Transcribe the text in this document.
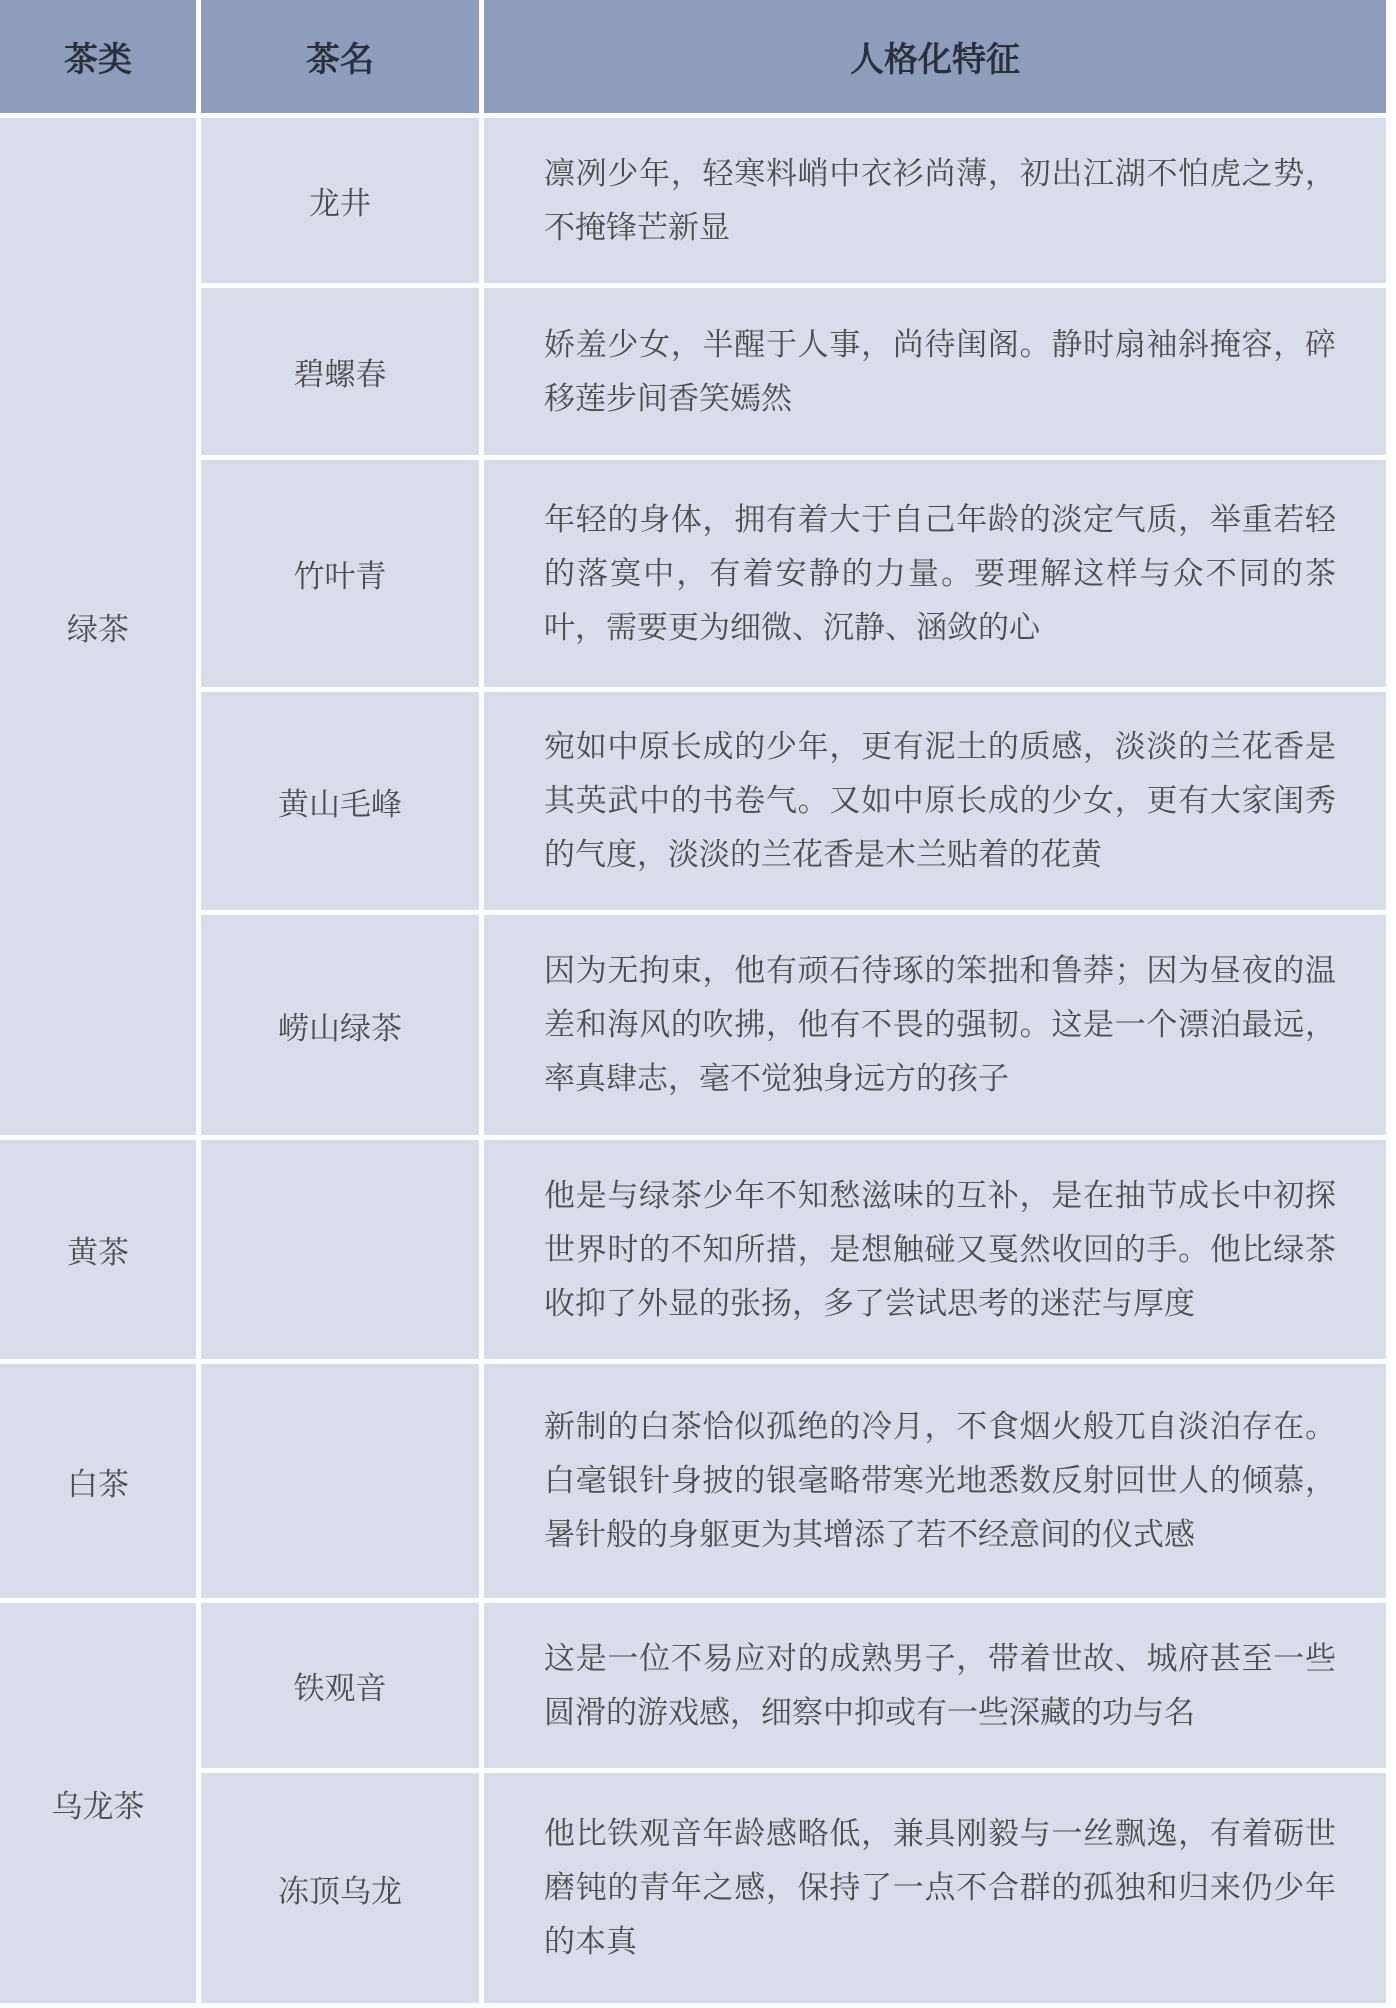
茶类	茶名	人格化特征
绿茶	龙井	凛冽少年，轻寒料峭中衣衫尚薄，初出江湖不怕虎之势，不掩锋芒新显
	碧螺春	娇羞少女，半醒于人事，尚待闺阁。静时扇袖斜掩容，碎移莲步间香笑嫣然
	竹叶青	年轻的身体，拥有着大于自己年龄的淡定气质，举重若轻的落寞中，有着安静的力量。要理解这样与众不同的茶叶，需要更为细微、沉静、涵敛的心
	黄山毛峰	宛如中原长成的少年，更有泥土的质感，淡淡的兰花香是其英武中的书卷气。又如中原长成的少女，更有大家闺秀的气度，淡淡的兰花香是木兰贴着的花黄
	崂山绿茶	因为无拘束，他有顽石待琢的笨拙和鲁莽；因为昼夜的温差和海风的吹拂，他有不畏的强韧。这是一个漂泊最远，率真肆志，毫不觉独身远方的孩子
黄茶		他是与绿茶少年不知愁滋味的互补，是在抽节成长中初探世界时的不知所措，是想触碰又戛然收回的手。他比绿茶收抑了外显的张扬，多了尝试思考的迷茫与厚度
白茶		新制的白茶恰似孤绝的冷月，不食烟火般兀自淡泊存在。白毫银针身披的银毫略带寒光地悉数反射回世人的倾慕，暑针般的身躯更为其增添了若不经意间的仪式感
乌龙茶	铁观音	这是一位不易应对的成熟男子，带着世故、城府甚至一些圆滑的游戏感，细察中抑或有一些深藏的功与名
	冻顶乌龙	他比铁观音年龄感略低，兼具刚毅与一丝飘逸，有着砺世磨钝的青年之感，保持了一点不合群的孤独和归来仍少年的本真
